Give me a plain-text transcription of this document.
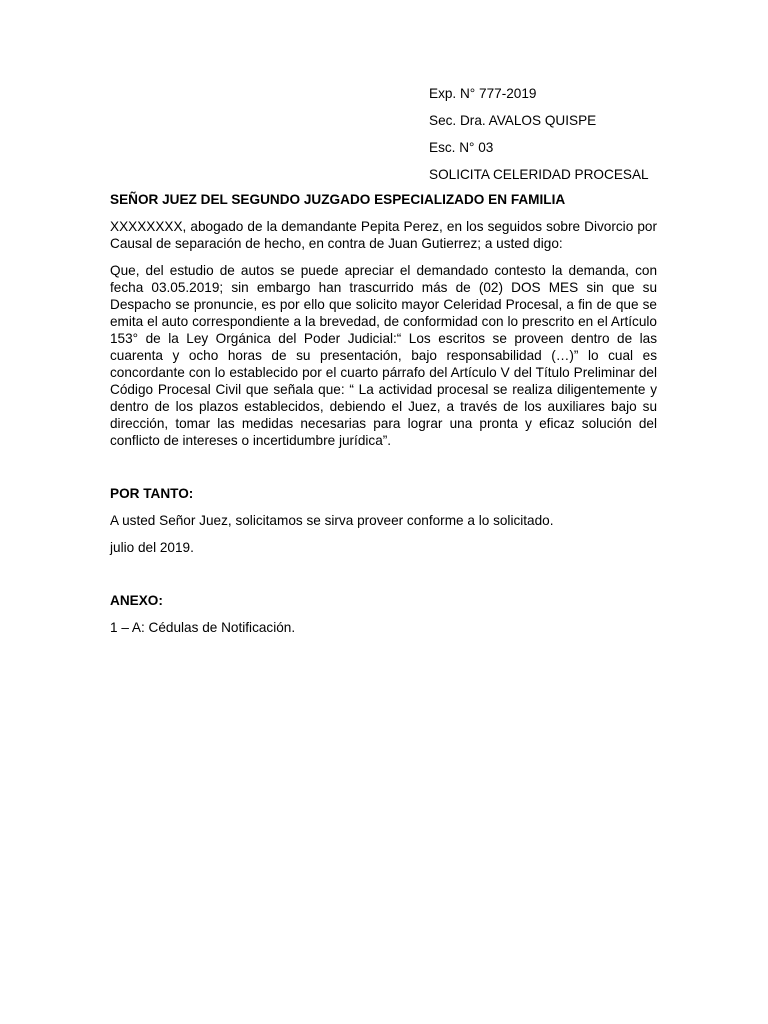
Exp. N° 777-2019
Sec. Dra. AVALOS QUISPE
Esc. N° 03
SOLICITA CELERIDAD PROCESAL
SEÑOR JUEZ DEL SEGUNDO JUZGADO ESPECIALIZADO EN FAMILIA
XXXXXXXX, abogado de la demandante Pepita Perez, en los seguidos sobre Divorcio por Causal de separación de hecho, en contra de Juan Gutierrez; a usted digo:
Que, del estudio de autos se puede apreciar el demandado contesto la demanda, con fecha 03.05.2019; sin embargo han trascurrido más de (02) DOS MES sin que su Despacho se pronuncie, es por ello que solicito mayor Celeridad Procesal, a fin de que se emita el auto correspondiente a la brevedad, de conformidad con lo prescrito en el Artículo 153° de la Ley Orgánica del Poder Judicial:“ Los escritos se proveen dentro de las cuarenta y ocho horas de su presentación, bajo responsabilidad (…)” lo cual es concordante con lo establecido por el cuarto párrafo del Artículo V del Título Preliminar del Código Procesal Civil que señala que: “ La actividad procesal se realiza diligentemente y dentro de los plazos establecidos, debiendo el Juez, a través de los auxiliares bajo su dirección, tomar las medidas necesarias para lograr una pronta y eficaz solución del conflicto de intereses o incertidumbre jurídica”.
POR TANTO:
A usted Señor Juez, solicitamos se sirva proveer conforme a lo solicitado.
julio del 2019.
ANEXO:
1 – A: Cédulas de Notificación.
